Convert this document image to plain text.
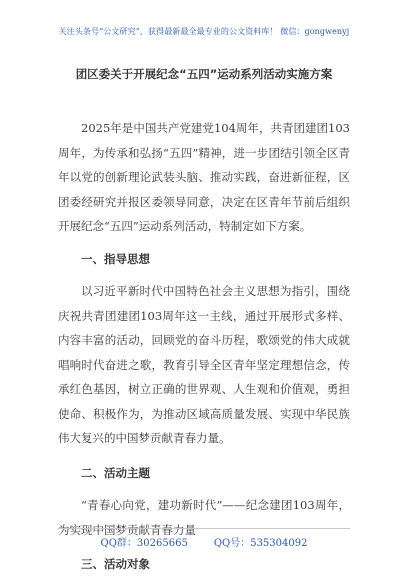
关注头条号“公文研究”，获得最新最全最专业的公文资料库！ 微信：gongwenyj
团区委关于开展纪念“五四”运动系列活动实施方案

2025年是中国共产党建党104周年，共青团建团103周年，为传承和弘扬“五四”精神，进一步团结引领全区青年以党的创新理论武装头脑、推动实践，奋进新征程，区团委经研究并报区委领导同意，决定在区青年节前后组织开展纪念“五四”运动系列活动，特制定如下方案。

一、指导思想

以习近平新时代中国特色社会主义思想为指引，围绕庆祝共青团建团103周年这一主线，通过开展形式多样、内容丰富的活动，回顾党的奋斗历程，歌颂党的伟大成就唱响时代奋进之歌，教育引导全区青年坚定理想信念，传承红色基因，树立正确的世界观、人生观和价值观，勇担使命、积极作为，为推动区域高质量发展、实现中华民族伟大复兴的中国梦贡献青春力量。

二、活动主题

“青春心向党，建功新时代”——纪念建团103周年，为实现中国梦贡献青春力量

三、活动对象

QQ群：30265665	QQ号：535304092
